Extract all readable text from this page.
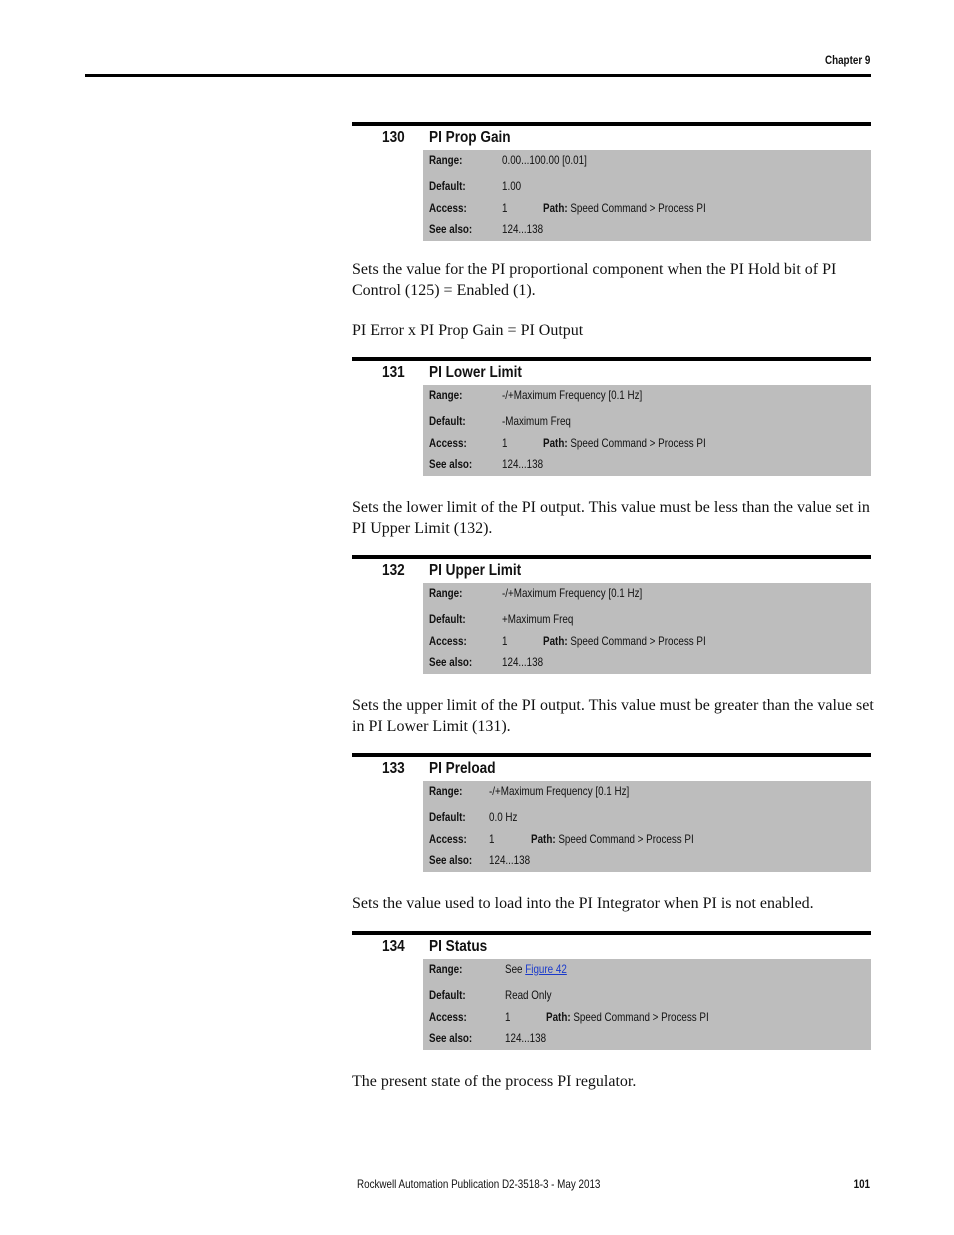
Chapter 9
130 PI Prop Gain
Range:	0.00...100.00 [0.01]
Default:	1.00
Access:	1	Path: Speed Command > Process PI
See also: 124...138
Sets the value for the PI proportional component when the PI Hold bit of PI Control (125) = Enabled (1).
PI Error x PI Prop Gain = PI Output
131 PI Lower Limit
Range:	-/+Maximum Frequency [0.1 Hz]
Default:	-Maximum Freq
Access:	1	Path: Speed Command > Process PI
See also: 124...138
Sets the lower limit of the PI output. This value must be less than the value set in PI Upper Limit (132).
132 PI Upper Limit
Range:	-/+Maximum Frequency [0.1 Hz]
Default:	+Maximum Freq
Access:	1	Path: Speed Command > Process PI
See also: 124...138
Sets the upper limit of the PI output. This value must be greater than the value set in PI Lower Limit (131).
133 PI Preload
Range: -/+Maximum Frequency [0.1 Hz]
Default: 0.0 Hz
Access: 1	Path: Speed Command > Process PI
See also: 124...138
Sets the value used to load into the PI Integrator when PI is not enabled.
134 PI Status
Range:	See Figure 42
Default:	Read Only
Access:	1	Path: Speed Command > Process PI
See also:	124...138
The present state of the process PI regulator.
Rockwell Automation Publication D2-3518-3 - May 2013	101
